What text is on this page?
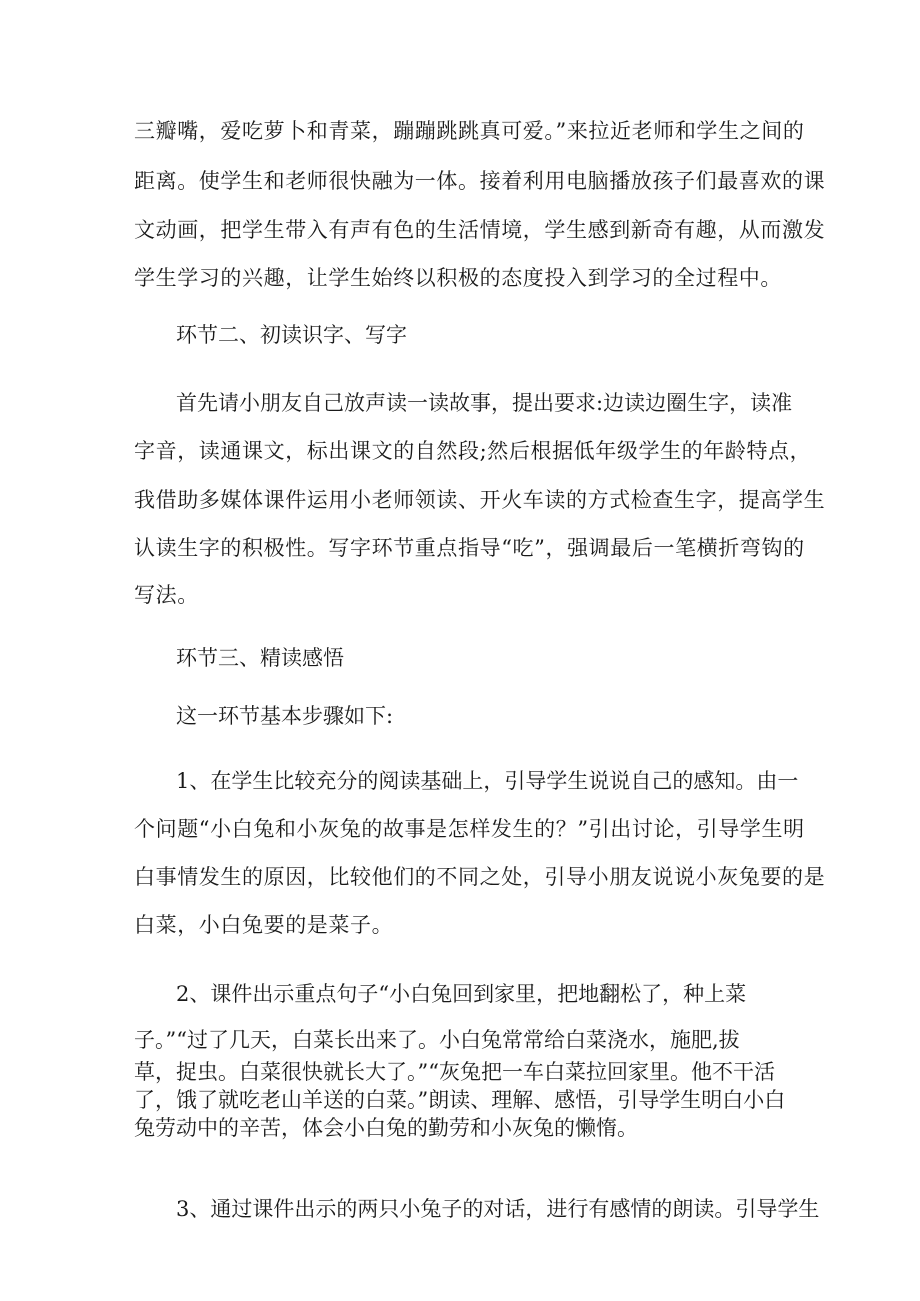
三瓣嘴，爱吃萝卜和青菜，蹦蹦跳跳真可爱。”来拉近老师和学生之间的

距离。使学生和老师很快融为一体。接着利用电脑播放孩子们最喜欢的课

文动画，把学生带入有声有色的生活情境，学生感到新奇有趣，从而激发

学生学习的兴趣，让学生始终以积极的态度投入到学习的全过程中。

环节二、初读识字、写字

首先请小朋友自己放声读一读故事，提出要求:边读边圈生字，读准

字音，读通课文，标出课文的自然段;然后根据低年级学生的年龄特点，

我借助多媒体课件运用小老师领读、开火车读的方式检查生字，提高学生

认读生字的积极性。写字环节重点指导“吃”，强调最后一笔横折弯钩的

写法。

环节三、精读感悟

这一环节基本步骤如下:

1、在学生比较充分的阅读基础上，引导学生说说自己的感知。由一

个问题“小白兔和小灰兔的故事是怎样发生的？”引出讨论，引导学生明

白事情发生的原因，比较他们的不同之处，引导小朋友说说小灰兔要的是

白菜，小白兔要的是菜子。

2、课件出示重点句子“小白兔回到家里，把地翻松了，种上菜

子。”“过了几天，白菜长出来了。小白兔常常给白菜浇水，施肥,拔

草，捉虫。白菜很快就长大了。”“灰兔把一车白菜拉回家里。他不干活

了，饿了就吃老山羊送的白菜。”朗读、理解、感悟，引导学生明白小白

兔劳动中的辛苦，体会小白兔的勤劳和小灰兔的懒惰。

3、通过课件出示的两只小兔子的对话，进行有感情的朗读。引导学生
